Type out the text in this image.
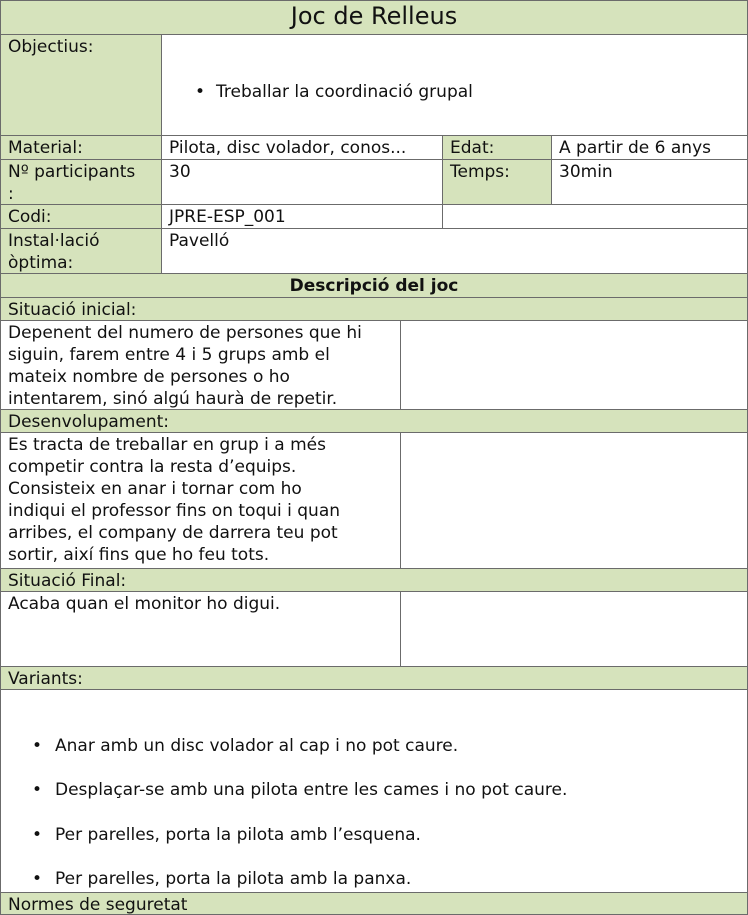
Joc de Relleus
Objectius:

• Treballar la coordinació grupal

Material:	Pilota, disc volador, conos...	Edat:	A partir de 6 anys
Nº participants
:
30	Temps:	30min
Codi:	JPRE-ESP_001
Instal·lació
òptima:
Pavelló
Descripció del joc
Situació inicial:
Depenent del numero de persones que hi
siguin, farem entre 4 i 5 grups amb el
mateix nombre de persones o ho
intentarem, sinó algú haurà de repetir.
Desenvolupament:
Es tracta de treballar en grup i a més
competir contra la resta d’equips.
Consisteix en anar i tornar com ho
indiqui el professor fins on toqui i quan
arribes, el company de darrera teu pot
sortir, així fins que ho feu tots.
Situació Final:
Acaba quan el monitor ho digui.
Variants:

• Anar amb un disc volador al cap i no pot caure.

• Desplaçar-se amb una pilota entre les cames i no pot caure.

• Per parelles, porta la pilota amb l’esquena.

• Per parelles, porta la pilota amb la panxa.

Normes de seguretat
